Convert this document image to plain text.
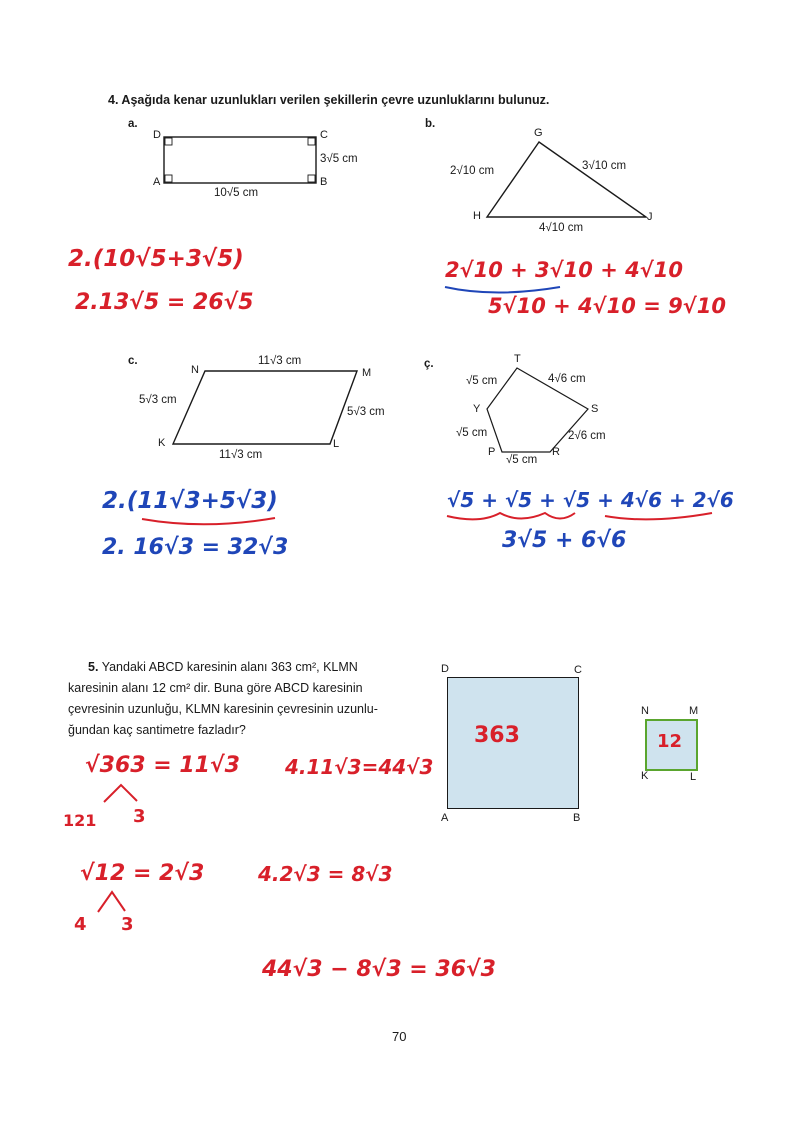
4. Aşağıda kenar uzunlukları verilen şekillerin çevre uzunluklarını bulunuz.
a.
D	C
A	B
3√5 cm
10√5 cm
2.(10√5+3√5)
2.13√5 = 26√5
b.
G
H	J
2√10 cm	3√10 cm
4√10 cm
2√10 + 3√10 + 4√10
5√10 + 4√10 = 9√10
c.
N	M
K	L
11√3 cm
5√3 cm
5√3 cm
11√3 cm
2.(11√3+5√3)
2. 16√3 = 32√3
ç.	T
Y	S
P	R
√5 cm	4√6 cm
√5 cm	2√6 cm
√5 cm
√5 + √5 + √5 + 4√6 + 2√6
3√5 + 6√6
5. Yandaki ABCD karesinin alanı 363 cm², KLMN
karesinin alanı 12 cm² dir. Buna göre ABCD karesinin
çevresinin uzunluğu, KLMN karesinin çevresinin uzunlu-
ğundan kaç santimetre fazladır?
D	C
A	B
363
N	M
K	L
12
√363 = 11√3 4.11√3=44√3
121 3
√12 = 2√3	4.2√3 = 8√3
4 3
44√3 − 8√3 = 36√3
70
